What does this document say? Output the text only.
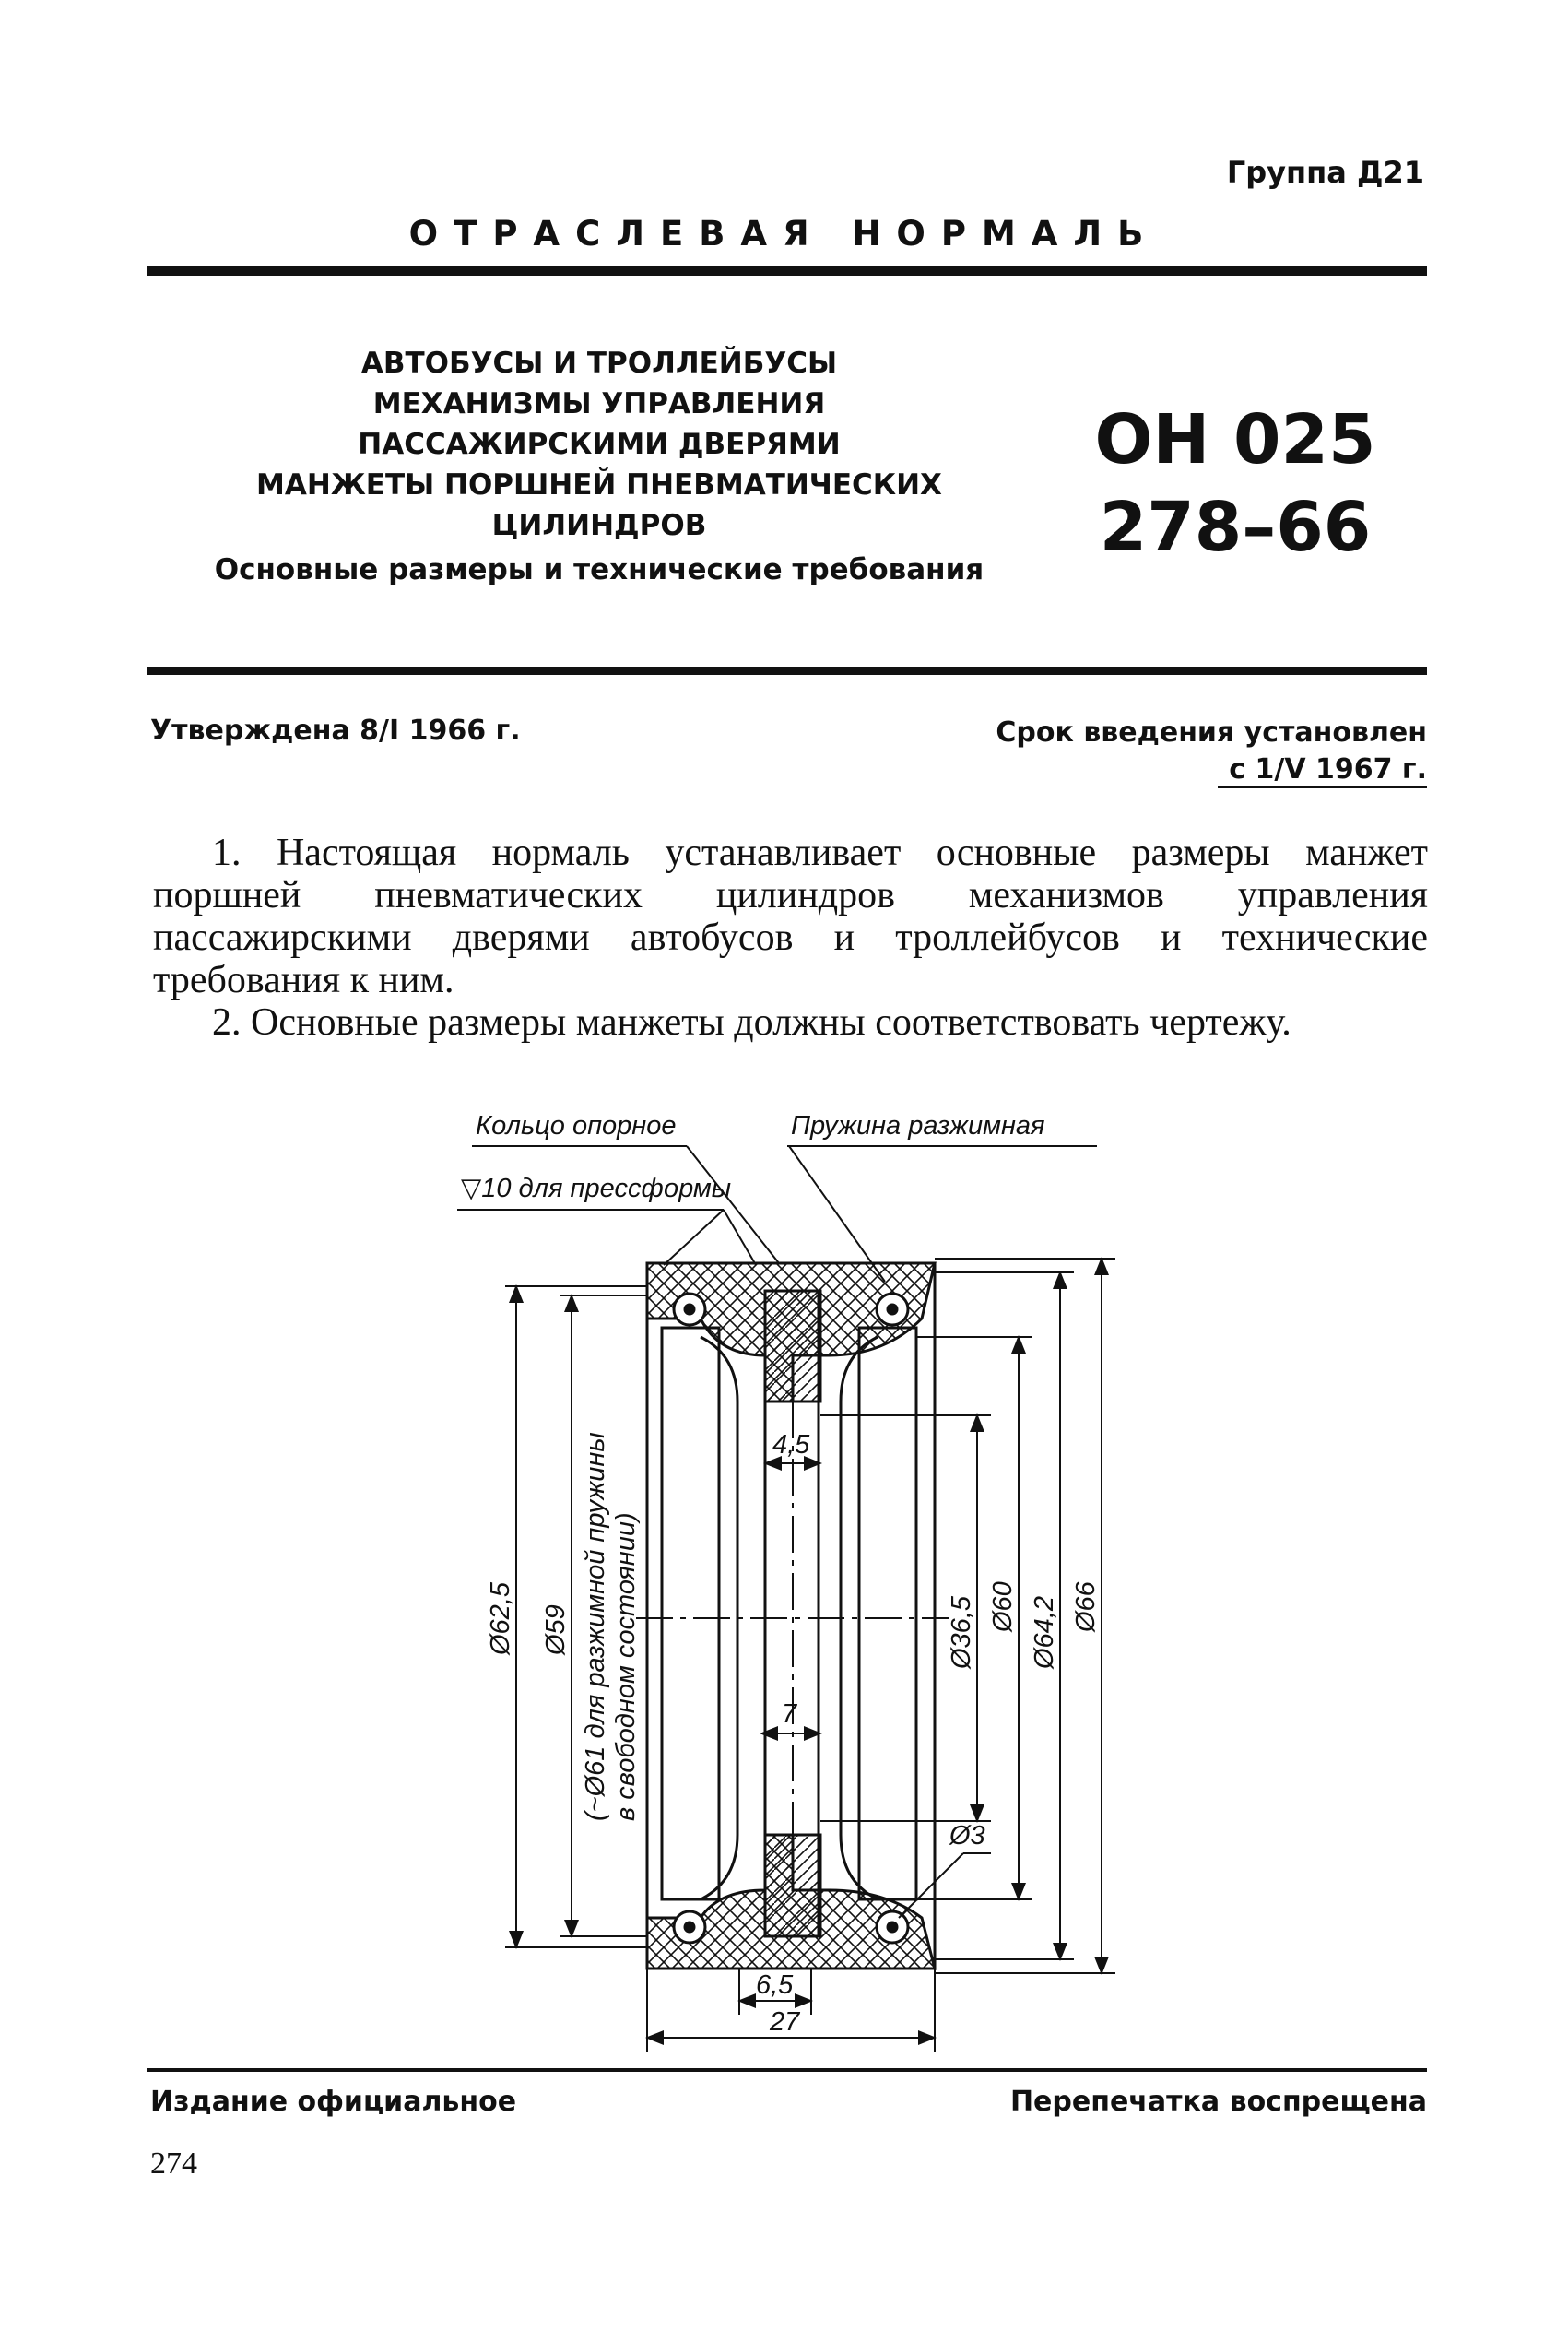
Группа Д21
ОТРАСЛЕВАЯ НОРМАЛЬ
АВТОБУСЫ И ТРОЛЛЕЙБУСЫ
МЕХАНИЗМЫ УПРАВЛЕНИЯ
ПАССАЖИРСКИМИ ДВЕРЯМИ
МАНЖЕТЫ ПОРШНЕЙ ПНЕВМАТИЧЕСКИХ
ЦИЛИНДРОВ
Основные размеры и технические требования
ОН 025
278–66
Утверждена 8/I 1966 г.	Срок введения установлен
с 1/V 1967 г.

1. Настоящая нормаль устанавливает основные размеры манжет поршней пневматических цилиндров механизмов управления пассажирскими дверями автобусов и троллейбусов и технические требования к ним.

2. Основные размеры манжеты должны соответствовать чертежу.

Кольцо опорное	Пружина разжимная
▽10 для прессформы
Ø62,5 Ø59 (~Ø61 для разжимной пружины в свободном состоянии)
4,5
7
Ø36,5 Ø60 Ø64,2 Ø66
Ø3
6,5
27
Издание официальное	Перепечатка воспрещена
274
